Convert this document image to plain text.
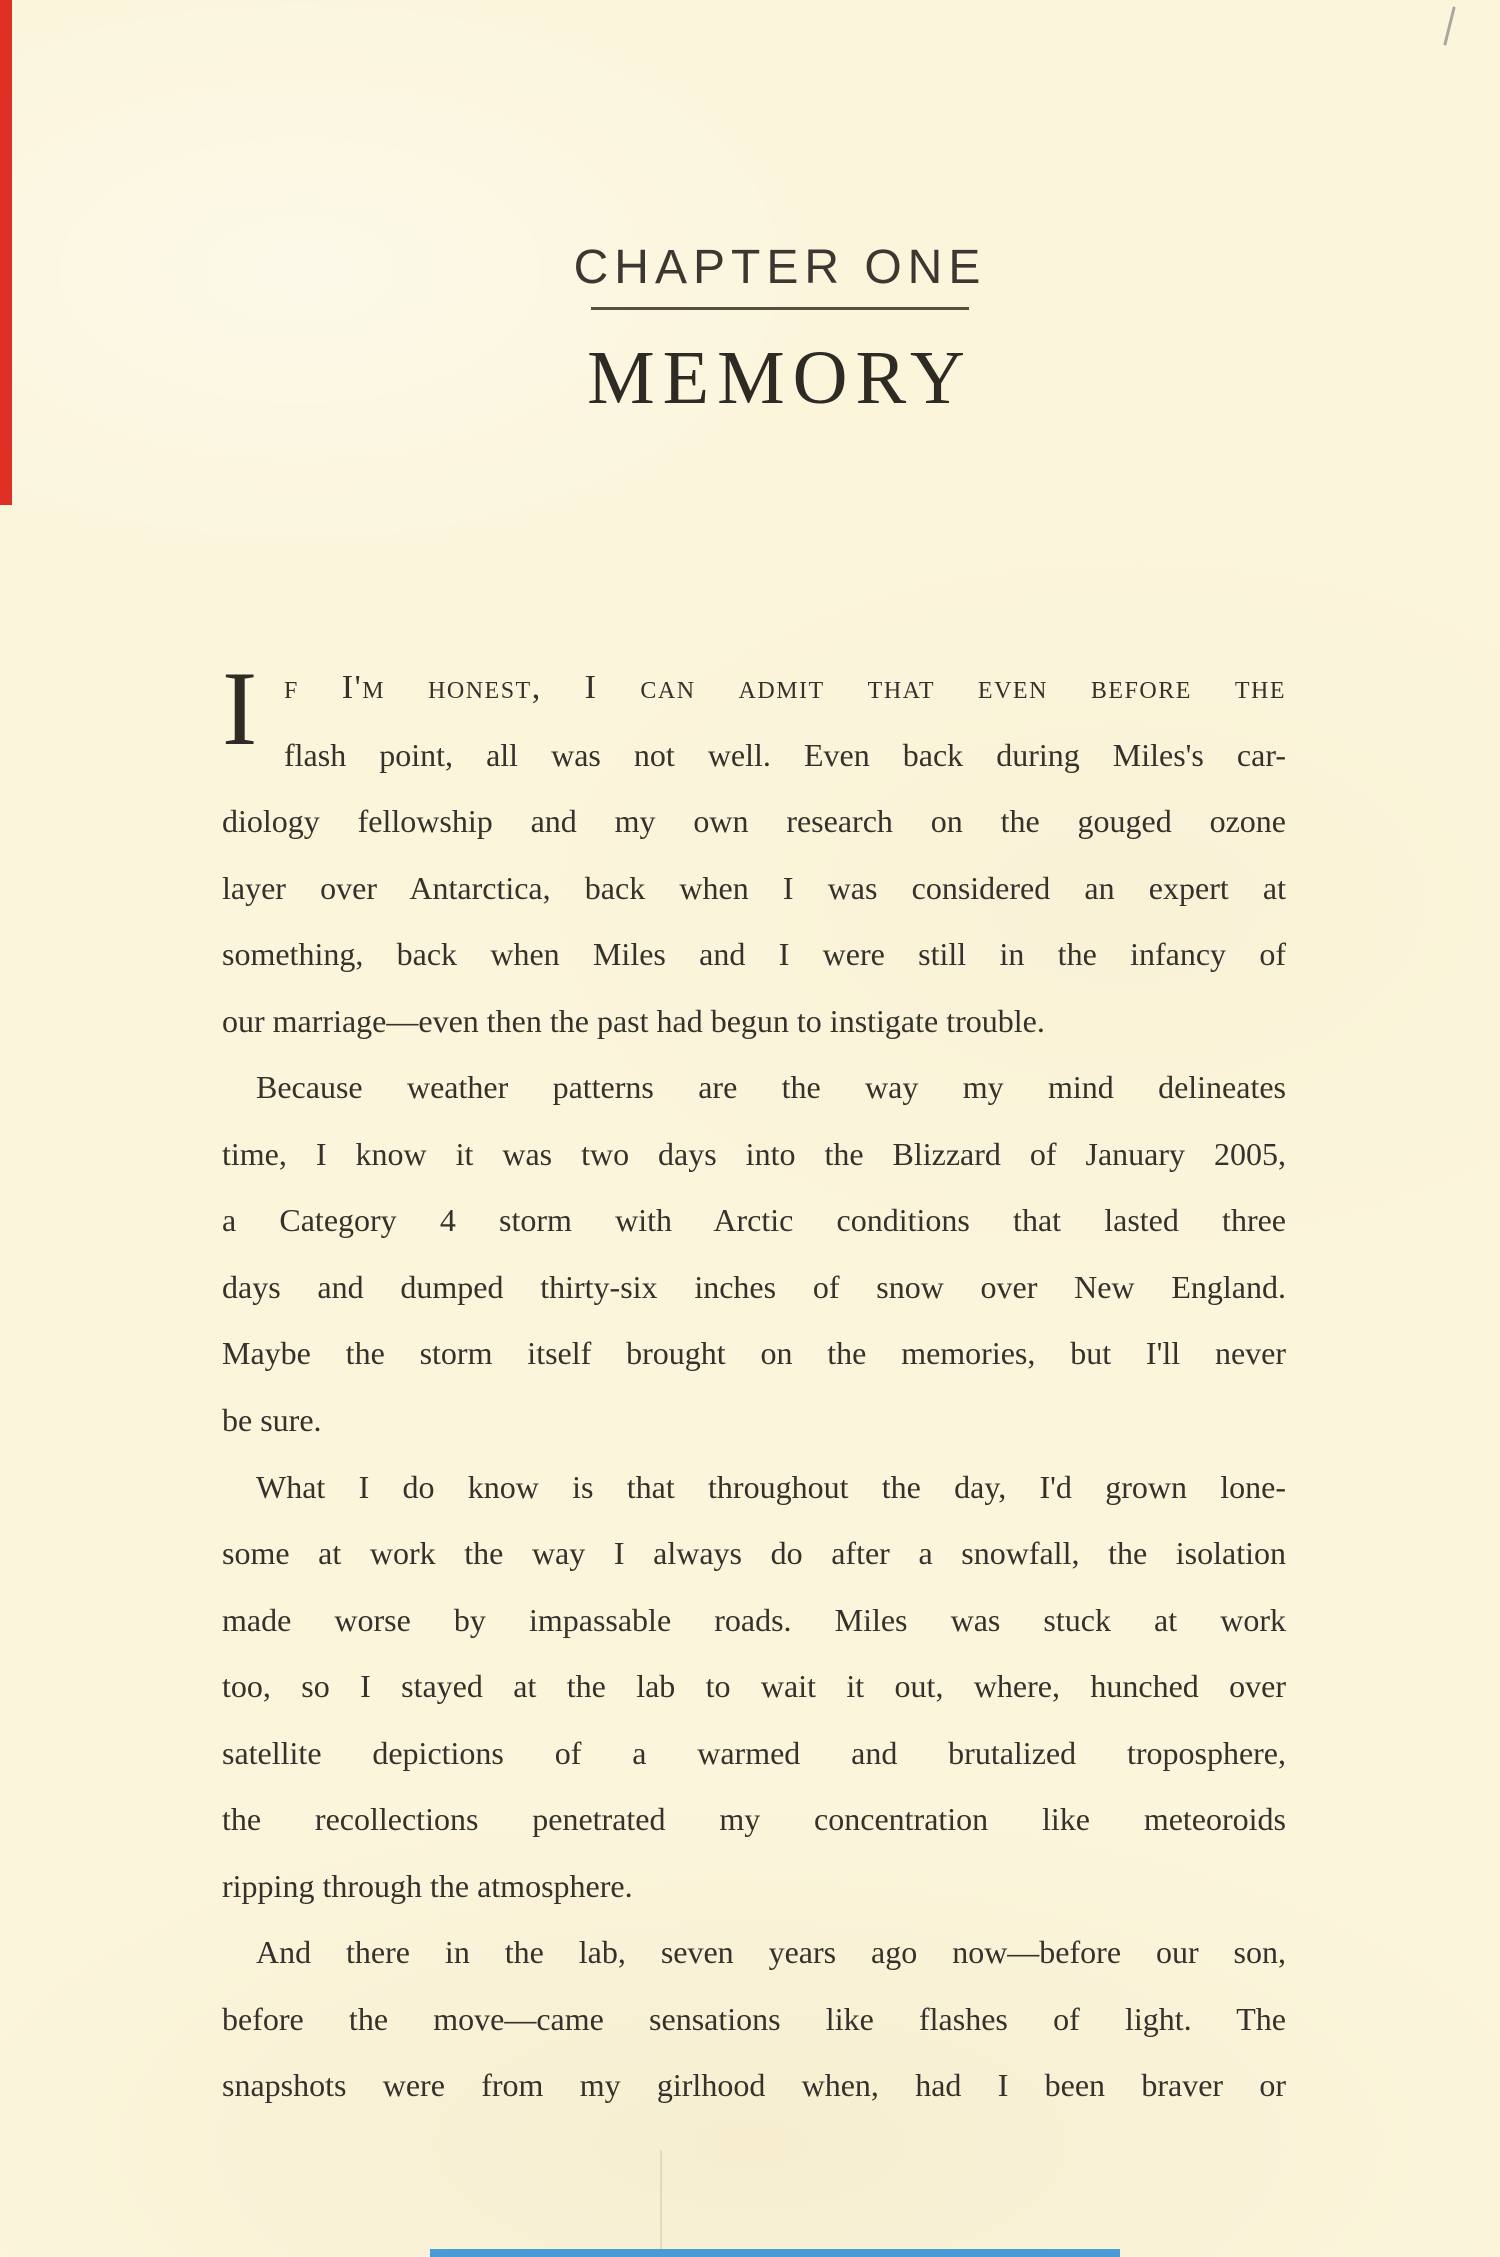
CHAPTER ONE
MEMORY
I f I'm honest, I can admit that even before the
flash point, all was not well. Even back during Miles's car-
diology fellowship and my own research on the gouged ozone
layer over Antarctica, back when I was considered an expert at
something, back when Miles and I were still in the infancy of
our marriage—even then the past had begun to instigate trouble.
Because weather patterns are the way my mind delineates
time, I know it was two days into the Blizzard of January 2005,
a Category 4 storm with Arctic conditions that lasted three
days and dumped thirty-six inches of snow over New England.
Maybe the storm itself brought on the memories, but I'll never
be sure.
What I do know is that throughout the day, I'd grown lone-
some at work the way I always do after a snowfall, the isolation
made worse by impassable roads. Miles was stuck at work
too, so I stayed at the lab to wait it out, where, hunched over
satellite depictions of a warmed and brutalized troposphere,
the recollections penetrated my concentration like meteoroids
ripping through the atmosphere.
And there in the lab, seven years ago now—before our son,
before the move—came sensations like flashes of light. The
snapshots were from my girlhood when, had I been braver or
